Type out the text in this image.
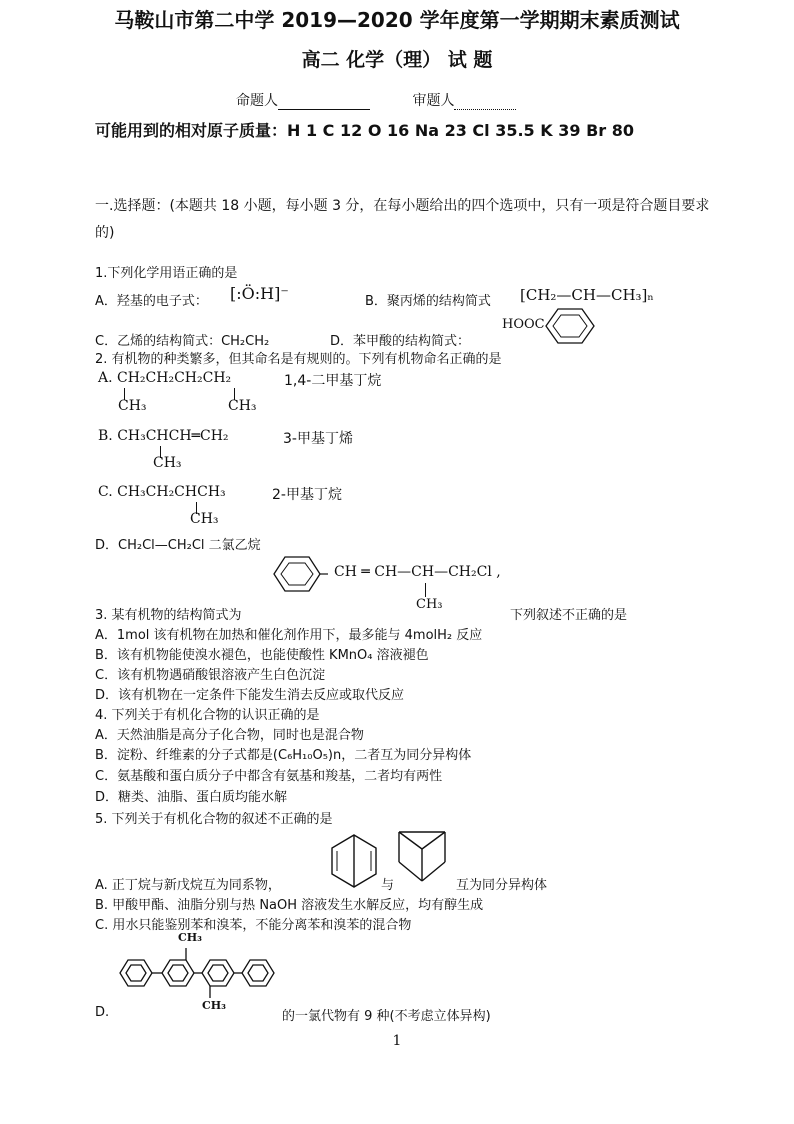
马鞍山市第二中学 2019—2020 学年度第一学期期末素质测试
高二 化学（理） 试 题
命题人	审题人
可能用到的相对原子质量：H 1 C 12 O 16 Na 23 Cl 35.5 K 39 Br 80
一.选择题：(本题共 18 小题，每小题 3 分，在每小题给出的四个选项中，只有一项是符合题目要求的)
1.下列化学用语正确的是
A．羟基的电子式： [:Ö:H]⁻	B．聚丙烯的结构简式 [CH₂—CH—CH₃]ₙ
C．乙烯的结构简式：CH₂CH₂	D．苯甲酸的结构简式：
HOOC
2. 有机物的种类繁多，但其命名是有规则的。下列有机物命名正确的是
A. CH₂CH₂CH₂CH₂
CH₃	CH₃
1,4-二甲基丁烷
B. CH₃CHCH═CH₂
CH₃
3-甲基丁烯
C. CH₃CH₂CHCH₃
CH₃
2-甲基丁烷
D．CH₂Cl—CH₂Cl 二氯乙烷
CH ═ CH—CH—CH₂Cl ,
CH₃
3. 某有机物的结构简式为	下列叙述不正确的是
A．1mol 该有机物在加热和催化剂作用下，最多能与 4molH₂ 反应
B．该有机物能使溴水褪色，也能使酸性 KMnO₄ 溶液褪色
C．该有机物遇硝酸银溶液产生白色沉淀
D．该有机物在一定条件下能发生消去反应或取代反应
4. 下列关于有机化合物的认识正确的是
A．天然油脂是高分子化合物，同时也是混合物
B．淀粉、纤维素的分子式都是(C₆H₁₀O₅)n，二者互为同分异构体
C．氨基酸和蛋白质分子中都含有氨基和羧基，二者均有两性
D．糖类、油脂、蛋白质均能水解
5. 下列关于有机化合物的叙述不正确的是
A. 正丁烷与新戊烷互为同系物，	与	互为同分异构体
B. 甲酸甲酯、油脂分别与热 NaOH 溶液发生水解反应，均有醇生成
C. 用水只能鉴别苯和溴苯，不能分离苯和溴苯的混合物
CH₃
CH₃
D.	的一氯代物有 9 种(不考虑立体异构)
1
